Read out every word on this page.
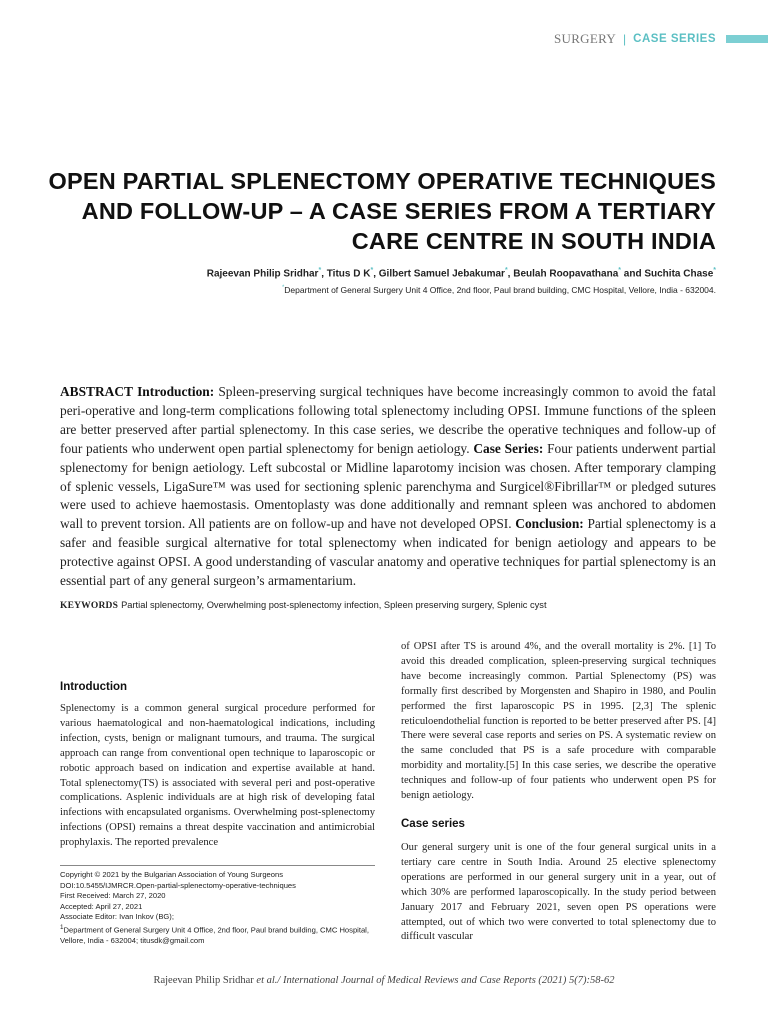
SURGERY | CASE SERIES
OPEN PARTIAL SPLENECTOMY OPERATIVE TECHNIQUES AND FOLLOW-UP – A CASE SERIES FROM A TERTIARY CARE CENTRE IN SOUTH INDIA
Rajeevan Philip Sridhar*, Titus D K*, Gilbert Samuel Jebakumar*, Beulah Roopavathana* and Suchita Chase*
*Department of General Surgery Unit 4 Office, 2nd floor, Paul brand building, CMC Hospital, Vellore, India - 632004.

ABSTRACT Introduction: Spleen-preserving surgical techniques have become increasingly common to avoid the fatal peri-operative and long-term complications following total splenectomy including OPSI. Immune functions of the spleen are better preserved after partial splenectomy. In this case series, we describe the operative techniques and follow-up of four patients who underwent open partial splenectomy for benign aetiology. Case Series: Four patients underwent partial splenectomy for benign aetiology. Left subcostal or Midline laparotomy incision was chosen. After temporary clamping of splenic vessels, LigaSure™ was used for sectioning splenic parenchyma and Surgicel®Fibrillar™ or pledged sutures were used to achieve haemostasis. Omentoplasty was done additionally and remnant spleen was anchored to abdomen wall to prevent torsion. All patients are on follow-up and have not developed OPSI. Conclusion: Partial splenectomy is a safer and feasible surgical alternative for total splenectomy when indicated for benign aetiology and appears to be protective against OPSI. A good understanding of vascular anatomy and operative techniques for partial splenectomy is an essential part of any general surgeon’s armamentarium.

KEYWORDS Partial splenectomy, Overwhelming post-splenectomy infection, Spleen preserving surgery, Splenic cyst
Introduction

Splenectomy is a common general surgical procedure performed for various haematological and non-haematological indications, including infection, cysts, benign or malignant tumours, and trauma. The surgical approach can range from conventional open technique to laparoscopic or robotic approach based on indication and expertise available at hand. Total splenectomy(TS) is associated with several peri and post-operative complications. Asplenic individuals are at high risk of developing fatal infections with encapsulated organisms. Overwhelming post-splenectomy infections (OPSI) remains a threat despite vaccination and antimicrobial prophylaxis. The reported prevalence

of OPSI after TS is around 4%, and the overall mortality is 2%. [1] To avoid this dreaded complication, spleen-preserving surgical techniques have become increasingly common. Partial Splenectomy (PS) was formally first described by Morgensten and Shapiro in 1980, and Poulin performed the first laparoscopic PS in 1995. [2,3] The splenic reticuloendothelial function is reported to be better preserved after PS. [4] There were several case reports and series on PS. A systematic review on the same concluded that PS is a safe procedure with comparable morbidity and mortality.[5] In this case series, we describe the operative techniques and follow-up of four patients who underwent open PS for benign aetiology.

Case series

Our general surgery unit is one of the four general surgical units in a tertiary care centre in South India. Around 25 elective splenectomy operations are performed in our general surgery unit in a year, out of which 30% are performed laparoscopically. In the study period between January 2017 and February 2021, seven open PS operations were attempted, out of which two were converted to total splenectomy due to difficult vascular

Copyright © 2021 by the Bulgarian Association of Young Surgeons
DOI:10.5455/IJMRCR.Open-partial-splenectomy-operative-techniques
First Received: March 27, 2020
Accepted: April 27, 2021
Associate Editor: Ivan Inkov (BG);
$^1$Department of General Surgery Unit 4 Office, 2nd floor, Paul brand building, CMC Hospital, Vellore, India - 632004; titusdk@gmail.com
Rajeevan Philip Sridhar et al./ International Journal of Medical Reviews and Case Reports (2021) 5(7):58-62
